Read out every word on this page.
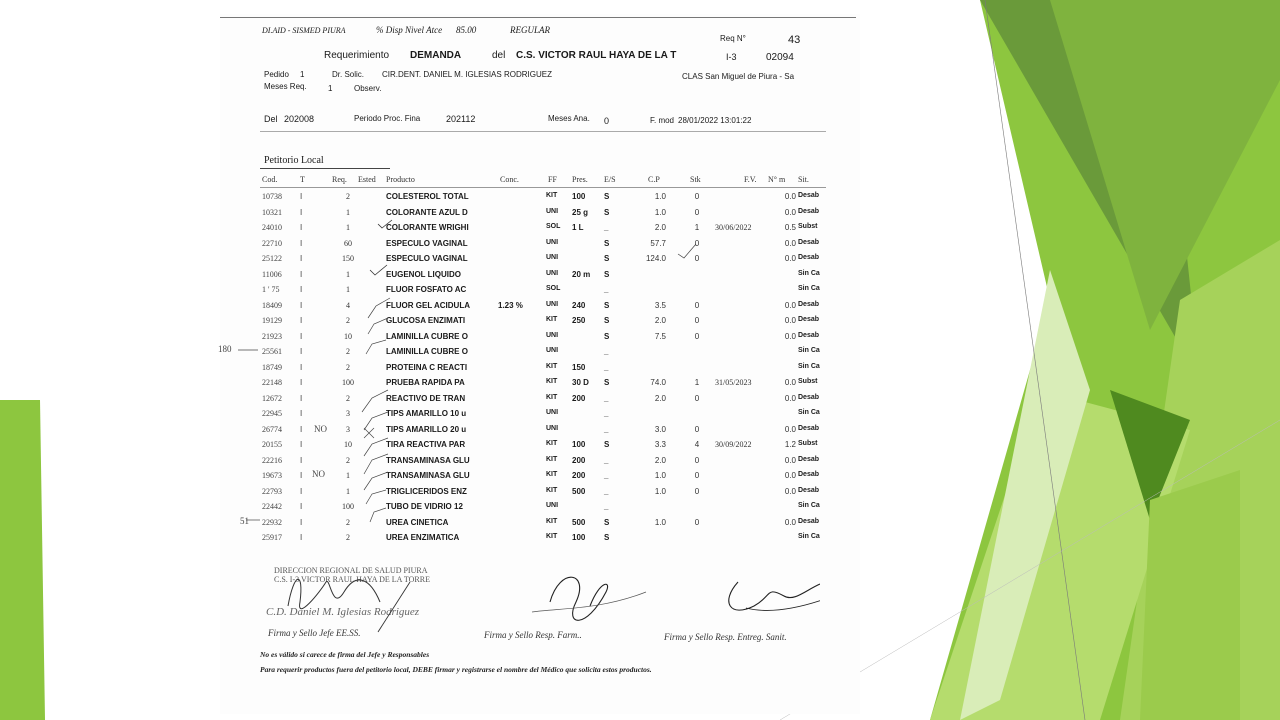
DI.AID - SISMED PIURA	% Disp Nivel Atce 85.00	REGULAR
Req N°	43
Requerimiento DEMANDA	del C.S. VICTOR RAUL HAYA DE LA T	I-3	02094
Pedido 1	Dr. Solic. CIR.DENT. DANIEL M. IGLESIAS RODRIGUEZ	CLAS San Miguel de Piura - Sa
Meses Req.	1	Observ.
Del 202008	Periodo Proc. Fina	202112	Meses Ana. 0	F. mod 28/01/2022 13:01:22
Petitorio Local
Cod.	T	Req. Ested Producto	Conc.	FF Pres. E/S	C.P	Stk	F.V. N° m Sit.
10738 I	2	COLESTEROL TOTAL	KIT 100 S	1.0	0	0.0 Desab
10321 I	1	COLORANTE AZUL D	UNI 25 g S	1.0	0	0.0 Desab
24010 I	1	COLORANTE WRIGHI	SOL 1 L	_	2.0	1	30/06/2022	0.5 Subst
22710 I	60	ESPECULO VAGINAL	UNI	S	57.7	0	0.0 Desab
25122 I	150	ESPECULO VAGINAL	UNI	S	124.0	0	0.0 Desab
11006 I	1	EUGENOL LIQUIDO	UNI 20 m S	Sin Ca
1 ' 75	I	1	FLUOR FOSFATO AC	SOL	_	Sin Ca
18409 I	4	FLUOR GEL ACIDULA	1.23 %	UNI 240 S	3.5	0	0.0 Desab
19129 I	2	GLUCOSA ENZIMATI	KIT 250 S	2.0	0	0.0 Desab
21923 I	10	LAMINILLA CUBRE O	UNI	S	7.5	0	0.0 Desab
25561 I	2	LAMINILLA CUBRE O	UNI	_	Sin Ca
18749 I	2	PROTEINA C REACTI	KIT 150 _	Sin Ca
22148 I	100	PRUEBA RAPIDA PA	KIT 30 D S	74.0	1	31/05/2023	0.0 Subst
12672 I	2	REACTIVO DE TRAN	KIT 200 _	2.0	0	0.0 Desab
22945 I	3	TIPS AMARILLO 10 u	UNI	_	Sin Ca
26774 I	3	TIPS AMARILLO 20 u	UNI	_	3.0	0	0.0 Desab
20155 I	10	TIRA REACTIVA PAR	KIT 100 S	3.3	4	30/09/2022	1.2 Subst
22216 I	2	TRANSAMINASA GLU	KIT 200 _	2.0	0	0.0 Desab
19673 I	1	TRANSAMINASA GLU	KIT 200 _	1.0	0	0.0 Desab
22793 I	1	TRIGLICERIDOS ENZ	KIT 500 _	1.0	0	0.0 Desab
22442 I	100	TUBO DE VIDRIO 12	UNI	_	Sin Ca
22932 I	2	UREA CINETICA	KIT 500 S	1.0	0	0.0 Desab
25917 I	2	UREA ENZIMATICA	KIT 100 S	Sin Ca
180
NO
NO
51
DIRECCION REGIONAL DE SALUD PIURA
C.S. I-3 VICTOR RAUL HAYA DE LA TORRE
C.D. Daniel M. Iglesias Rodriguez
Firma y Sello Jefe EE.SS.	Firma y Sello Resp. Farm..	Firma y Sello Resp. Entreg. Sanit.
No es válido si carece de firma del Jefe y Responsables
Para requerir productos fuera del petitorio local, DEBE firmar y registrarse el nombre del Médico que solicita estos productos.
